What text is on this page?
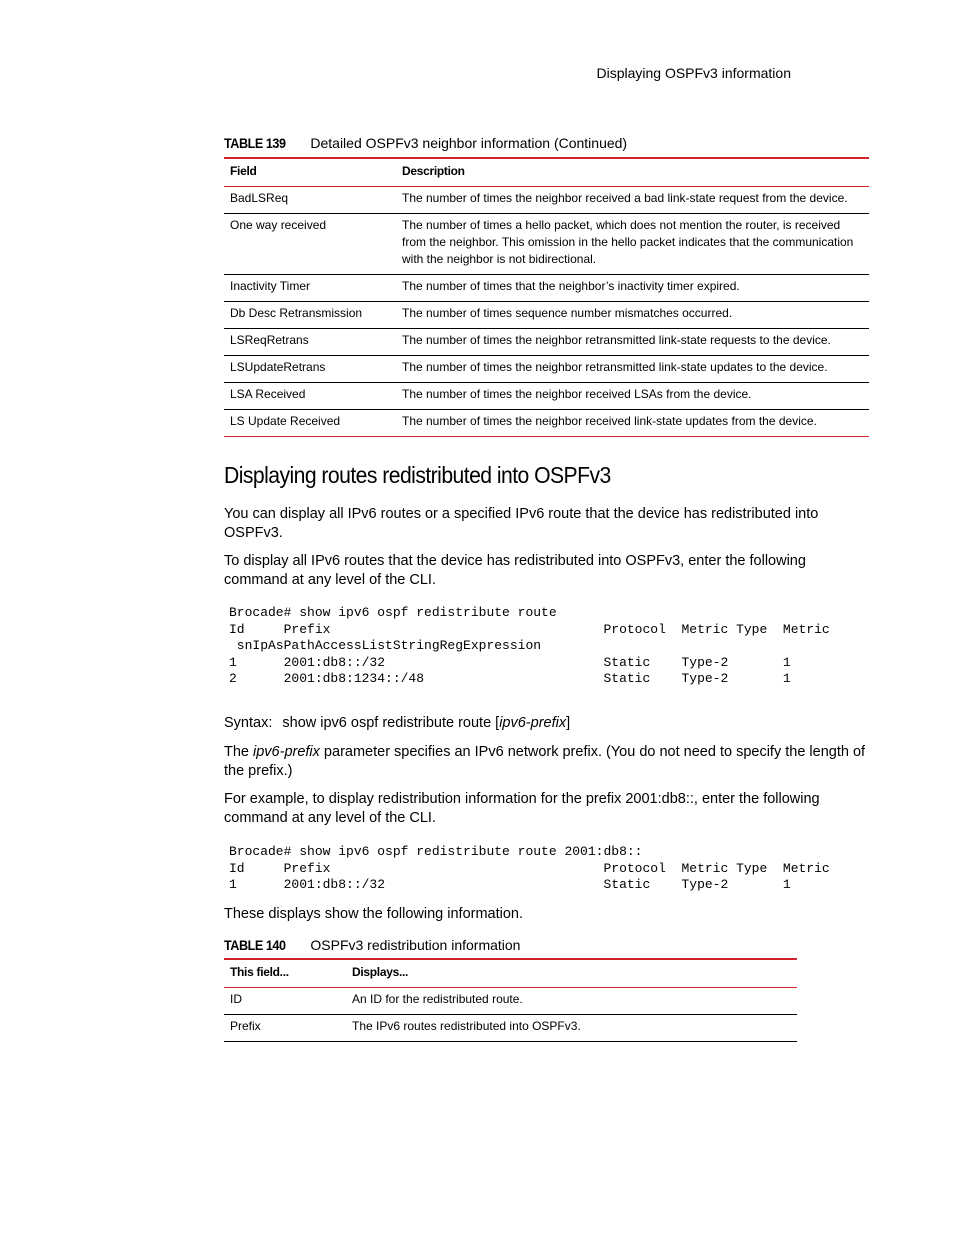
Displaying OSPFv3 information
TABLE 139 Detailed OSPFv3 neighbor information (Continued)
Field	Description
BadLSReq	The number of times the neighbor received a bad link-state request from the device.
One way received	The number of times a hello packet, which does not mention the router, is received from the neighbor. This omission in the hello packet indicates that the communication with the neighbor is not bidirectional.
Inactivity Timer	The number of times that the neighbor’s inactivity timer expired.
Db Desc Retransmission	The number of times sequence number mismatches occurred.
LSReqRetrans	The number of times the neighbor retransmitted link-state requests to the device.
LSUpdateRetrans	The number of times the neighbor retransmitted link-state updates to the device.
LSA Received	The number of times the neighbor received LSAs from the device.
LS Update Received	The number of times the neighbor received link-state updates from the device.
Displaying routes redistributed into OSPFv3

You can display all IPv6 routes or a specified IPv6 route that the device has redistributed into OSPFv3.

To display all IPv6 routes that the device has redistributed into OSPFv3, enter the following command at any level of the CLI.

Brocade# show ipv6 ospf redistribute route
Id     Prefix                                   Protocol  Metric Type  Metric
snIpAsPathAccessListStringRegExpression
1      2001:db8::/32                            Static    Type-2       1
2      2001:db8:1234::/48                       Static    Type-2       1
Syntax: show ipv6 ospf redistribute route [ipv6-prefix]

The ipv6-prefix parameter specifies an IPv6 network prefix. (You do not need to specify the length of the prefix.)

For example, to display redistribution information for the prefix 2001:db8::, enter the following command at any level of the CLI.

Brocade# show ipv6 ospf redistribute route 2001:db8::
Id     Prefix                                   Protocol  Metric Type  Metric
1      2001:db8::/32                            Static    Type-2       1

These displays show the following information.

TABLE 140 OSPFv3 redistribution information
This field...	Displays...
ID	An ID for the redistributed route.
Prefix	The IPv6 routes redistributed into OSPFv3.
